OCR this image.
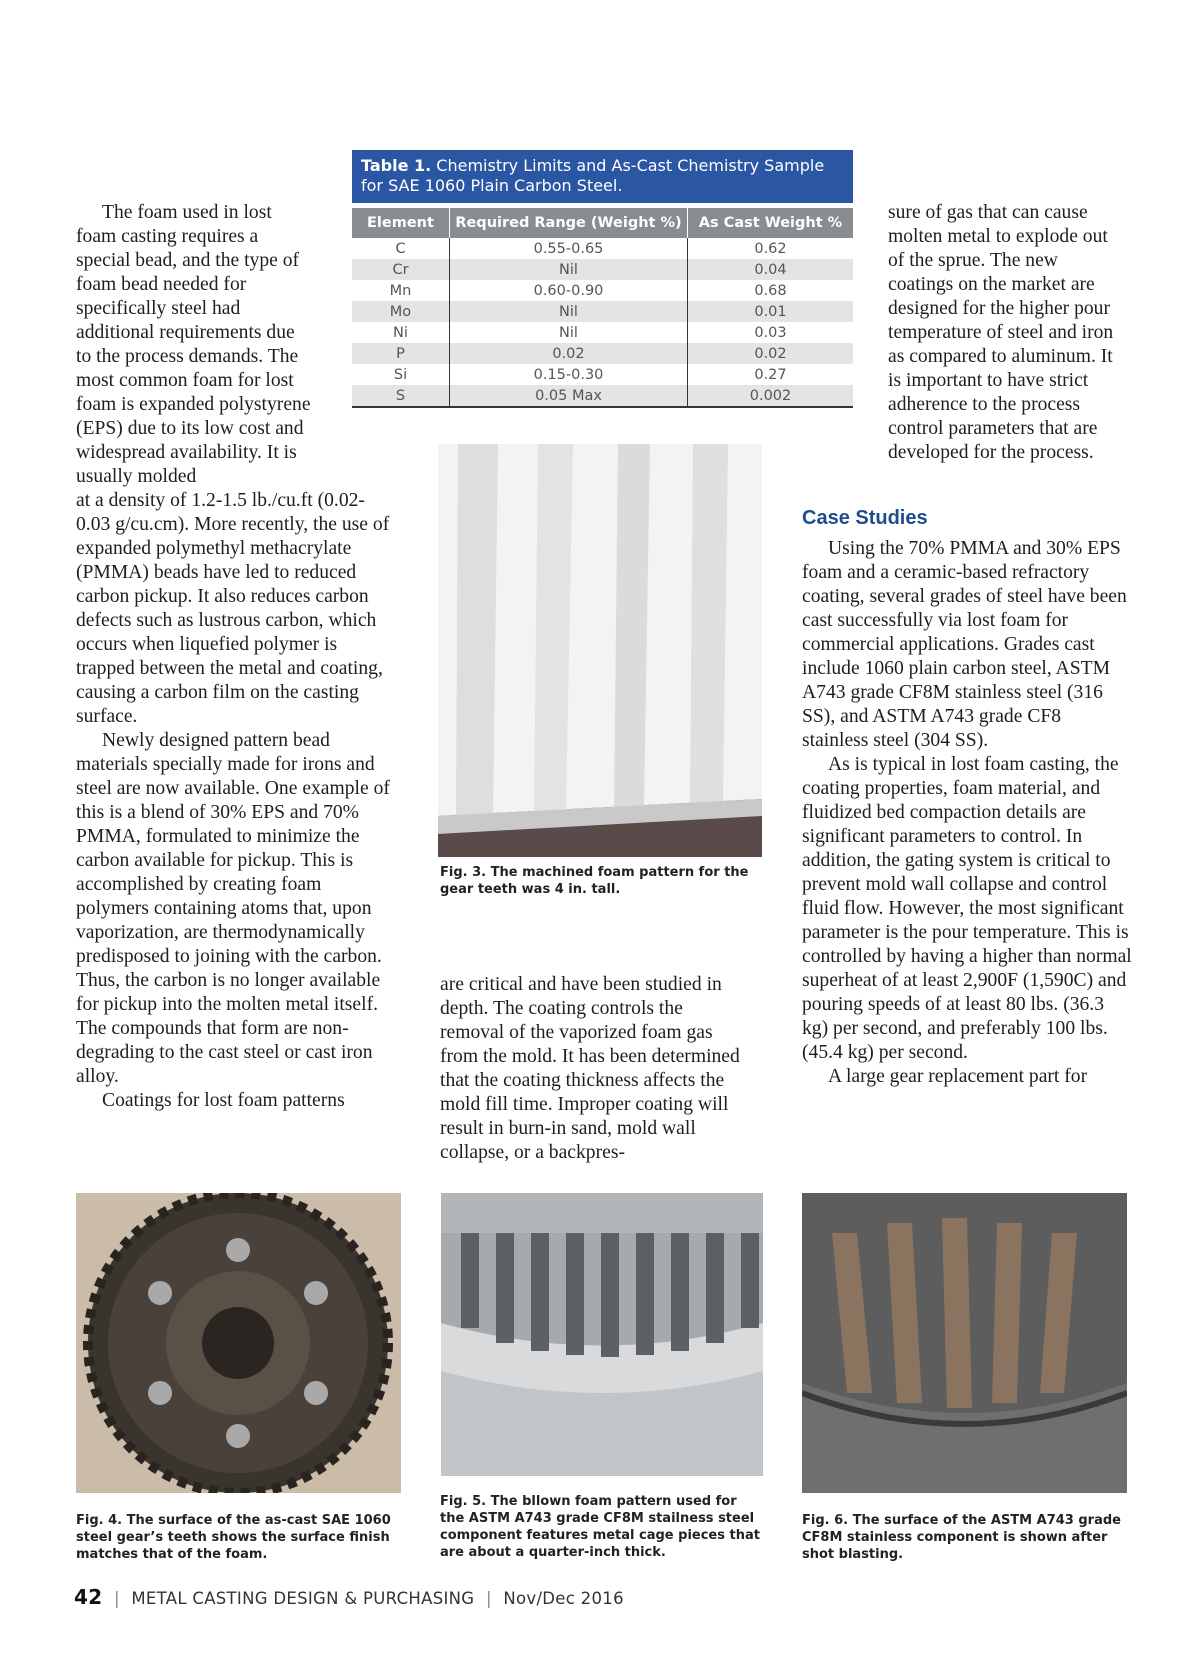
Table 1. Chemistry Limits and As-Cast Chemistry Sample for SAE 1060 Plain Carbon Steel.
Element	Required Range (Weight %)	As Cast Weight %
C	0.55-0.65	0.62
Cr	Nil	0.04
Mn	0.60-0.90	0.68
Mo	Nil	0.01
Ni	Nil	0.03
P	0.02	0.02
Si	0.15-0.30	0.27
S	0.05 Max	0.002

The foam used in lost foam casting requires a special bead, and the type of foam bead needed for specifically steel had additional requirements due to the process demands. The most common foam for lost foam is expanded polystyrene (EPS) due to its low cost and widespread availability. It is usually molded

at a density of 1.2-1.5 lb./cu.ft (0.02-0.03 g/cu.cm). More recently, the use of expanded polymethyl methacrylate (PMMA) beads have led to reduced carbon pickup. It also reduces carbon defects such as lustrous carbon, which occurs when liquefied polymer is trapped between the metal and coating, causing a carbon film on the casting surface.

Newly designed pattern bead materials specially made for irons and steel are now available. One example of this is a blend of 30% EPS and 70% PMMA, formulated to minimize the carbon available for pickup. This is accomplished by creating foam polymers containing atoms that, upon vaporization, are thermodynamically predisposed to joining with the carbon. Thus, the carbon is no longer available for pickup into the molten metal itself. The compounds that form are non-degrading to the cast steel or cast iron alloy.

Coatings for lost foam patterns

Fig. 3. The machined foam pattern for the gear teeth was 4 in. tall.

are critical and have been studied in depth. The coating controls the removal of the vaporized foam gas from the mold. It has been determined that the coating thickness affects the mold fill time. Improper coating will result in burn-in sand, mold wall collapse, or a backpres-

sure of gas that can cause molten metal to explode out of the sprue. The new coatings on the market are designed for the higher pour temperature of steel and iron as compared to aluminum. It is important to have strict adherence to the process control parameters that are developed for the process.

Case Studies

Using the 70% PMMA and 30% EPS foam and a ceramic-based refractory coating, several grades of steel have been cast successfully via lost foam for commercial applications. Grades cast include 1060 plain carbon steel, ASTM A743 grade CF8M stainless steel (316 SS), and ASTM A743 grade CF8 stainless steel (304 SS).

As is typical in lost foam casting, the coating properties, foam material, and fluidized bed compaction details are significant parameters to control. In addition, the gating system is critical to prevent mold wall collapse and control fluid flow. However, the most significant parameter is the pour temperature. This is controlled by having a higher than normal superheat of at least 2,900F (1,590C) and pouring speeds of at least 80 lbs. (36.3 kg) per second, and preferably 100 lbs. (45.4 kg) per second.

A large gear replacement part for

Fig. 4. The surface of the as-cast SAE 1060 steel gear’s teeth shows the surface finish matches that of the foam.
Fig. 5. The bllown foam pattern used for the ASTM A743 grade CF8M stailness steel component features metal cage pieces that are about a quarter-inch thick.
Fig. 6. The surface of the ASTM A743 grade CF8M stainless component is shown after shot blasting.
42 | METAL CASTING DESIGN & PURCHASING | Nov/Dec 2016
